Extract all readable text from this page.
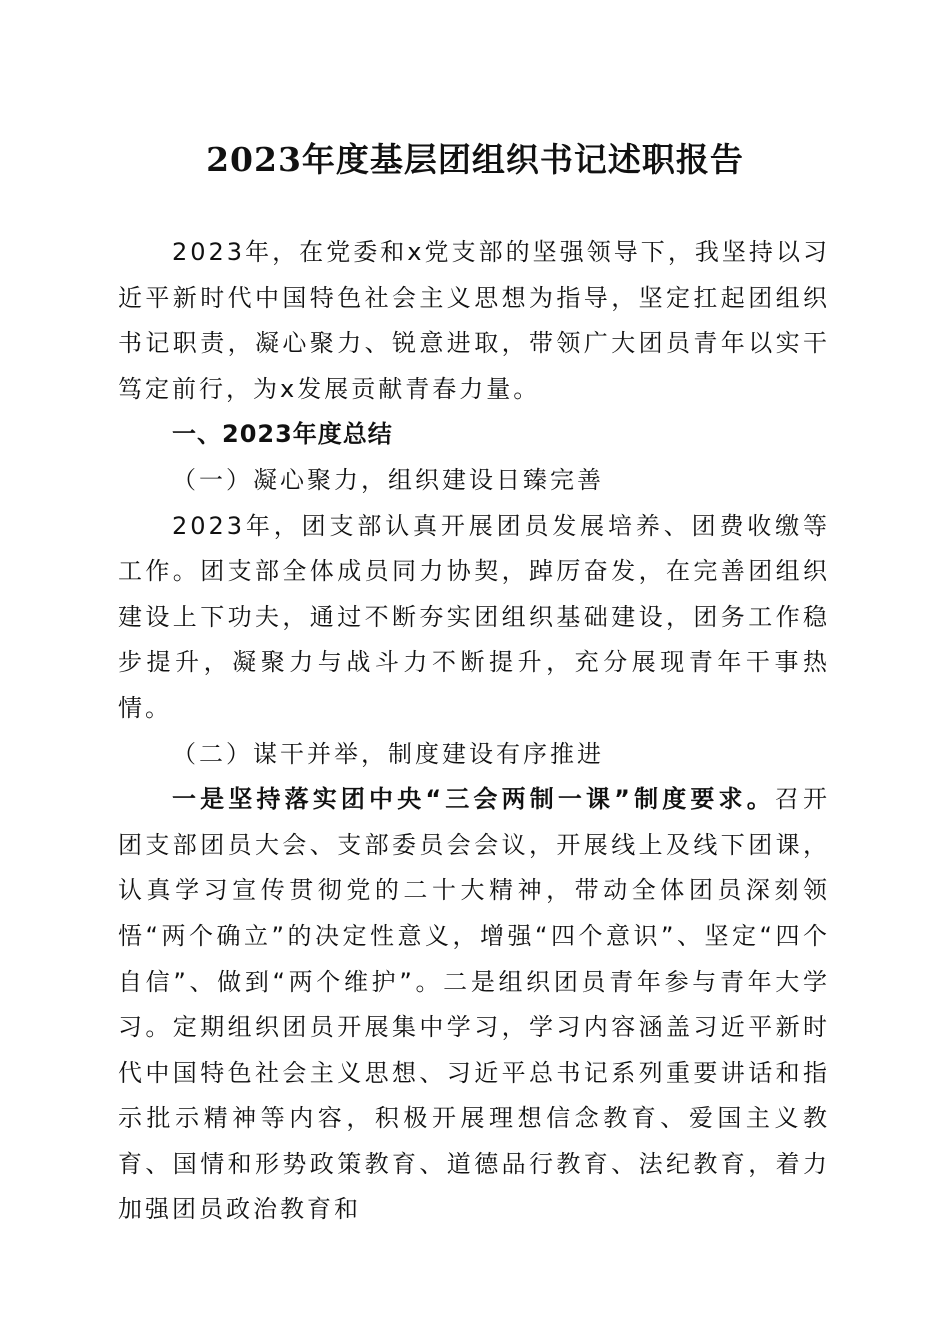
2023年度基层团组织书记述职报告

2023年，在党委和x党支部的坚强领导下，我坚持以习近平新时代中国特色社会主义思想为指导，坚定扛起团组织书记职责，凝心聚力、锐意进取，带领广大团员青年以实干笃定前行，为x发展贡献青春力量。

一、2023年度总结

（一）凝心聚力，组织建设日臻完善

2023年，团支部认真开展团员发展培养、团费收缴等工作。团支部全体成员同力协契，踔厉奋发，在完善团组织建设上下功夫，通过不断夯实团组织基础建设，团务工作稳步提升，凝聚力与战斗力不断提升，充分展现青年干事热情。

（二）谋干并举，制度建设有序推进

一是坚持落实团中央“三会两制一课”制度要求。召开团支部团员大会、支部委员会会议，开展线上及线下团课，认真学习宣传贯彻党的二十大精神，带动全体团员深刻领悟“两个确立”的决定性意义，增强“四个意识”、坚定“四个自信”、做到“两个维护”。二是组织团员青年参与青年大学习。定期组织团员开展集中学习，学习内容涵盖习近平新时代中国特色社会主义思想、习近平总书记系列重要讲话和指示批示精神等内容，积极开展理想信念教育、爱国主义教育、国情和形势政策教育、道德品行教育、法纪教育，着力加强团员政治教育和
